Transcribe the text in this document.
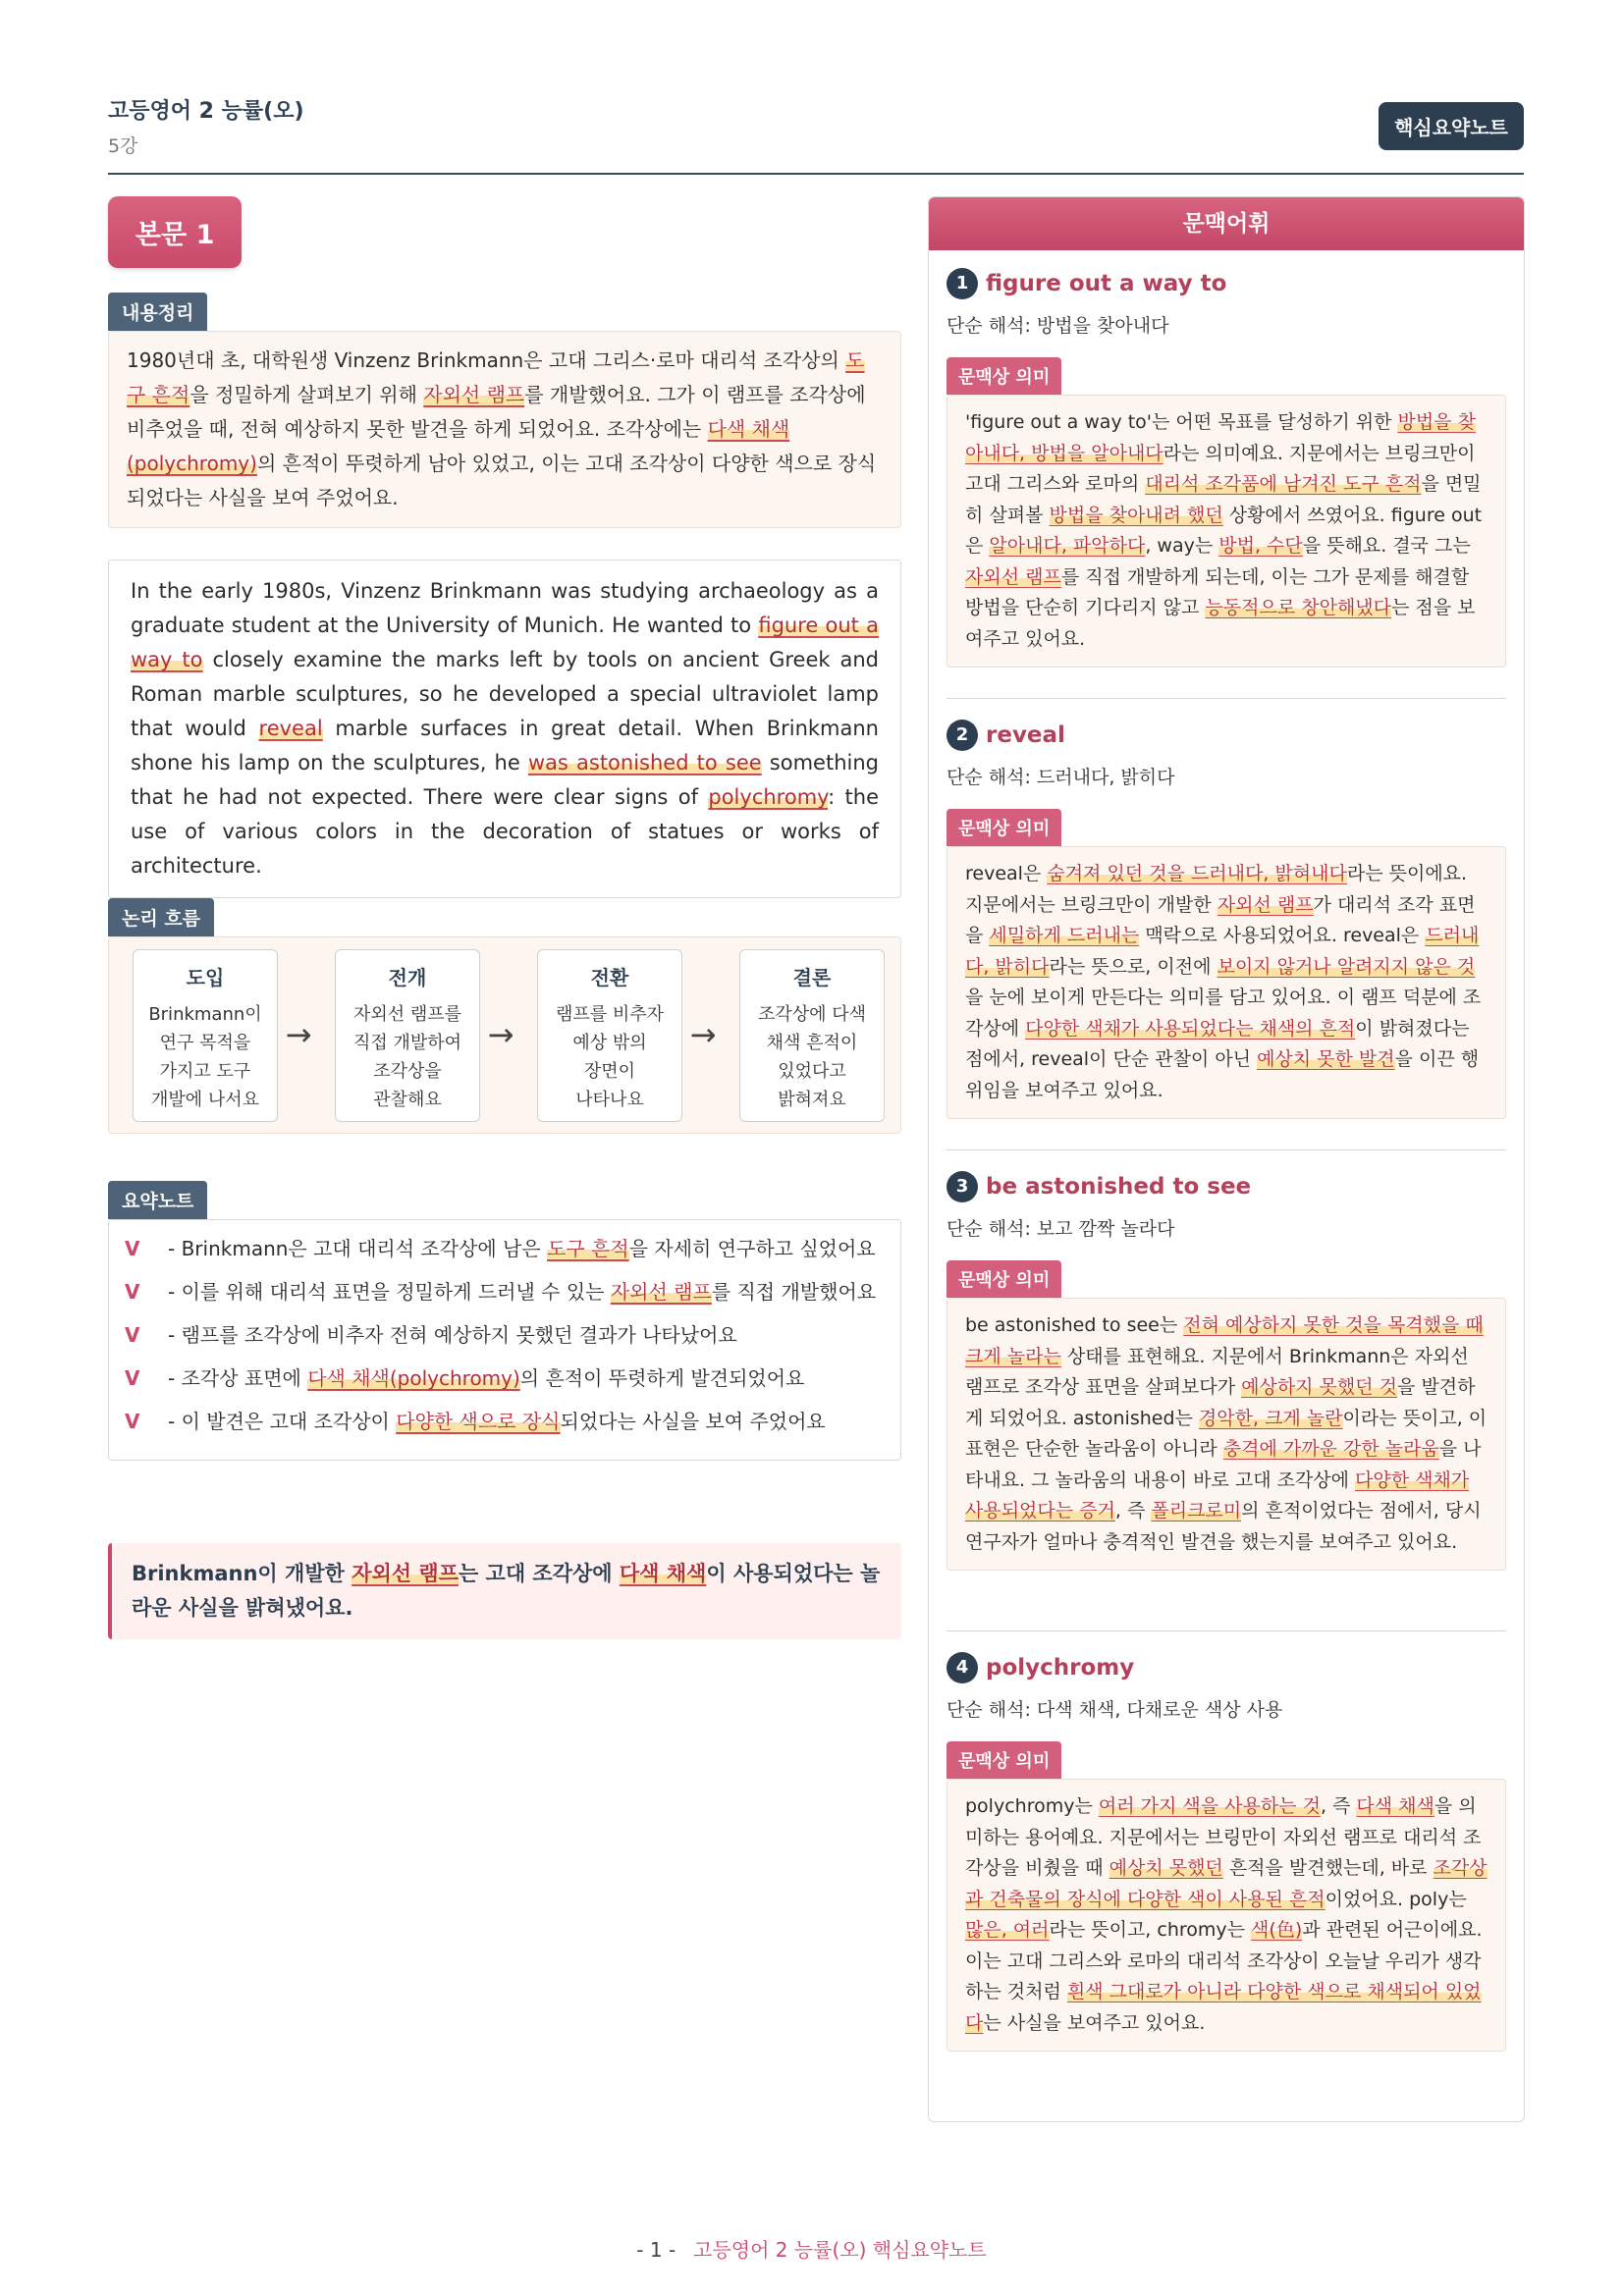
고등영어 2 능률(오)
5강
핵심요약노트
본문 1
내용정리
1980년대 초, 대학원생 Vinzenz Brinkmann은 고대 그리스·로마 대리석 조각상의 도구 흔적을 정밀하게 살펴보기 위해 자외선 램프를 개발했어요. 그가 이 램프를 조각상에 비추었을 때, 전혀 예상하지 못한 발견을 하게 되었어요. 조각상에는 다색 채색(polychromy)의 흔적이 뚜렷하게 남아 있었고, 이는 고대 조각상이 다양한 색으로 장식되었다는 사실을 보여 주었어요.
In the early 1980s, Vinzenz Brinkmann was studying archaeology as a graduate student at the University of Munich. He wanted to figure out a way to closely examine the marks left by tools on ancient Greek and Roman marble sculptures, so he developed a special ultraviolet lamp that would reveal marble surfaces in great detail. When Brinkmann shone his lamp on the sculptures, he was astonished to see something that he had not expected. There were clear signs of polychromy: the use of various colors in the decoration of statues or works of architecture.
논리 흐름
도입
Brinkmann이
연구 목적을
가지고 도구
개발에 나서요
→
전개
자외선 램프를
직접 개발하여
조각상을
관찰해요
→
전환
램프를 비추자
예상 밖의
장면이
나타나요
→
결론
조각상에 다색
채색 흔적이
있었다고
밝혀져요
요약노트
V - Brinkmann은 고대 대리석 조각상에 남은 도구 흔적을 자세히 연구하고 싶었어요
V - 이를 위해 대리석 표면을 정밀하게 드러낼 수 있는 자외선 램프를 직접 개발했어요
V - 램프를 조각상에 비추자 전혀 예상하지 못했던 결과가 나타났어요
V - 조각상 표면에 다색 채색(polychromy)의 흔적이 뚜렷하게 발견되었어요
V - 이 발견은 고대 조각상이 다양한 색으로 장식되었다는 사실을 보여 주었어요
Brinkmann이 개발한 자외선 램프는 고대 조각상에 다색 채색이 사용되었다는 놀라운 사실을 밝혀냈어요.
문맥어휘
1 figure out a way to
단순 해석: 방법을 찾아내다
문맥상 의미
'figure out a way to'는 어떤 목표를 달성하기 위한 방법을 찾아내다, 방법을 알아내다라는 의미예요. 지문에서는 브링크만이 고대 그리스와 로마의 대리석 조각품에 남겨진 도구 흔적을 면밀히 살펴볼 방법을 찾아내려 했던 상황에서 쓰였어요. figure out은 알아내다, 파악하다, way는 방법, 수단을 뜻해요. 결국 그는 자외선 램프를 직접 개발하게 되는데, 이는 그가 문제를 해결할 방법을 단순히 기다리지 않고 능동적으로 창안해냈다는 점을 보여주고 있어요.
2 reveal
단순 해석: 드러내다, 밝히다
문맥상 의미
reveal은 숨겨져 있던 것을 드러내다, 밝혀내다라는 뜻이에요. 지문에서는 브링크만이 개발한 자외선 램프가 대리석 조각 표면을 세밀하게 드러내는 맥락으로 사용되었어요. reveal은 드러내다, 밝히다라는 뜻으로, 이전에 보이지 않거나 알려지지 않은 것을 눈에 보이게 만든다는 의미를 담고 있어요. 이 램프 덕분에 조각상에 다양한 색채가 사용되었다는 채색의 흔적이 밝혀졌다는 점에서, reveal이 단순 관찰이 아닌 예상치 못한 발견을 이끈 행위임을 보여주고 있어요.
3 be astonished to see
단순 해석: 보고 깜짝 놀라다
문맥상 의미
be astonished to see는 전혀 예상하지 못한 것을 목격했을 때 크게 놀라는 상태를 표현해요. 지문에서 Brinkmann은 자외선 램프로 조각상 표면을 살펴보다가 예상하지 못했던 것을 발견하게 되었어요. astonished는 경악한, 크게 놀란이라는 뜻이고, 이 표현은 단순한 놀라움이 아니라 충격에 가까운 강한 놀라움을 나타내요. 그 놀라움의 내용이 바로 고대 조각상에 다양한 색채가 사용되었다는 증거, 즉 폴리크로미의 흔적이었다는 점에서, 당시 연구자가 얼마나 충격적인 발견을 했는지를 보여주고 있어요.
4 polychromy
단순 해석: 다색 채색, 다채로운 색상 사용
문맥상 의미
polychromy는 여러 가지 색을 사용하는 것, 즉 다색 채색을 의미하는 용어예요. 지문에서는 브링만이 자외선 램프로 대리석 조각상을 비췄을 때 예상치 못했던 흔적을 발견했는데, 바로 조각상과 건축물의 장식에 다양한 색이 사용된 흔적이었어요. poly는 많은, 여러라는 뜻이고, chromy는 색(色)과 관련된 어근이에요. 이는 고대 그리스와 로마의 대리석 조각상이 오늘날 우리가 생각하는 것처럼 흰색 그대로가 아니라 다양한 색으로 채색되어 있었다는 사실을 보여주고 있어요.
- 1 - 고등영어 2 능률(오) 핵심요약노트
